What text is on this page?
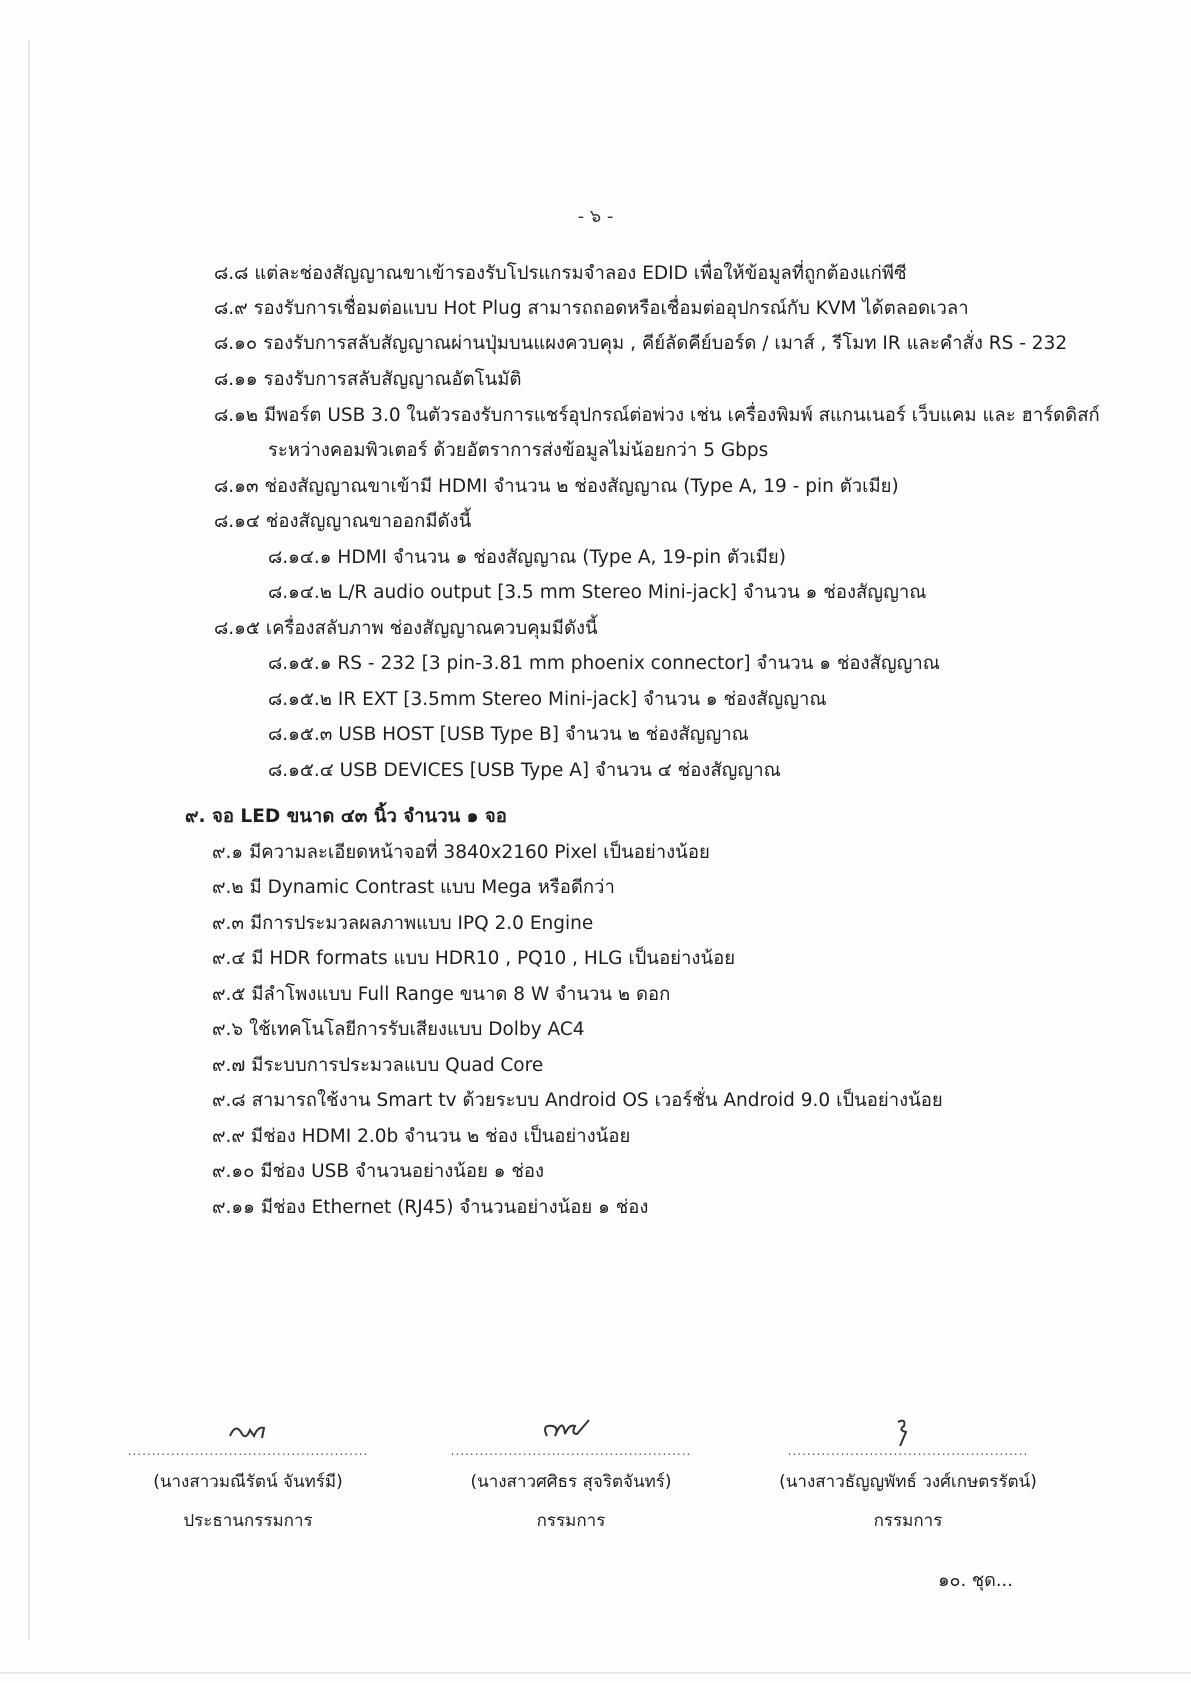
- ๖ -
๘.๘ แต่ละช่องสัญญาณขาเข้ารองรับโปรแกรมจำลอง EDID เพื่อให้ข้อมูลที่ถูกต้องแก่พีซี
๘.๙ รองรับการเชื่อมต่อแบบ Hot Plug สามารถถอดหรือเชื่อมต่ออุปกรณ์กับ KVM ได้ตลอดเวลา
๘.๑๐ รองรับการสลับสัญญาณผ่านปุ่มบนแผงควบคุม , คีย์ลัดคีย์บอร์ด / เมาส์ , รีโมท IR และคำสั่ง RS - 232
๘.๑๑ รองรับการสลับสัญญาณอัตโนมัติ
๘.๑๒ มีพอร์ต USB 3.0 ในตัวรองรับการแชร์อุปกรณ์ต่อพ่วง เช่น เครื่องพิมพ์ สแกนเนอร์ เว็บแคม และ ฮาร์ดดิสก์
ระหว่างคอมพิวเตอร์ ด้วยอัตราการส่งข้อมูลไม่น้อยกว่า 5 Gbps
๘.๑๓ ช่องสัญญาณขาเข้ามี HDMI จำนวน ๒ ช่องสัญญาณ (Type A, 19 - pin ตัวเมีย)
๘.๑๔ ช่องสัญญาณขาออกมีดังนี้
๘.๑๔.๑ HDMI จำนวน ๑ ช่องสัญญาณ (Type A, 19-pin ตัวเมีย)
๘.๑๔.๒ L/R audio output [3.5 mm Stereo Mini-jack] จำนวน ๑ ช่องสัญญาณ
๘.๑๕ เครื่องสลับภาพ ช่องสัญญาณควบคุมมีดังนี้
๘.๑๕.๑ RS - 232 [3 pin-3.81 mm phoenix connector] จำนวน ๑ ช่องสัญญาณ
๘.๑๕.๒ IR EXT [3.5mm Stereo Mini-jack] จำนวน ๑ ช่องสัญญาณ
๘.๑๕.๓ USB HOST [USB Type B] จำนวน ๒ ช่องสัญญาณ
๘.๑๕.๔ USB DEVICES [USB Type A] จำนวน ๔ ช่องสัญญาณ
๙. จอ LED ขนาด ๔๓ นิ้ว จำนวน ๑ จอ
๙.๑ มีความละเอียดหน้าจอที่ 3840x2160 Pixel เป็นอย่างน้อย
๙.๒ มี Dynamic Contrast แบบ Mega หรือดีกว่า
๙.๓ มีการประมวลผลภาพแบบ IPQ 2.0 Engine
๙.๔ มี HDR formats แบบ HDR10 , PQ10 , HLG เป็นอย่างน้อย
๙.๕ มีลำโพงแบบ Full Range ขนาด 8 W จำนวน ๒ ดอก
๙.๖ ใช้เทคโนโลยีการรับเสียงแบบ Dolby AC4
๙.๗ มีระบบการประมวลแบบ Quad Core
๙.๘ สามารถใช้งาน Smart tv ด้วยระบบ Android OS เวอร์ชั่น Android 9.0 เป็นอย่างน้อย
๙.๙ มีช่อง HDMI 2.0b จำนวน ๒ ช่อง เป็นอย่างน้อย
๙.๑๐ มีช่อง USB จำนวนอย่างน้อย ๑ ช่อง
๙.๑๑ มีช่อง Ethernet (RJ45) จำนวนอย่างน้อย ๑ ช่อง
๑๐. ชุด...
..................................................
(นางสาวมณีรัตน์ จันทร์มี)
ประธานกรรมการ
..................................................
(นางสาวศศิธร สุจริตจันทร์)
กรรมการ
..................................................
(นางสาวธัญญพัทธ์ วงศ์เกษตรรัตน์)
กรรมการ
